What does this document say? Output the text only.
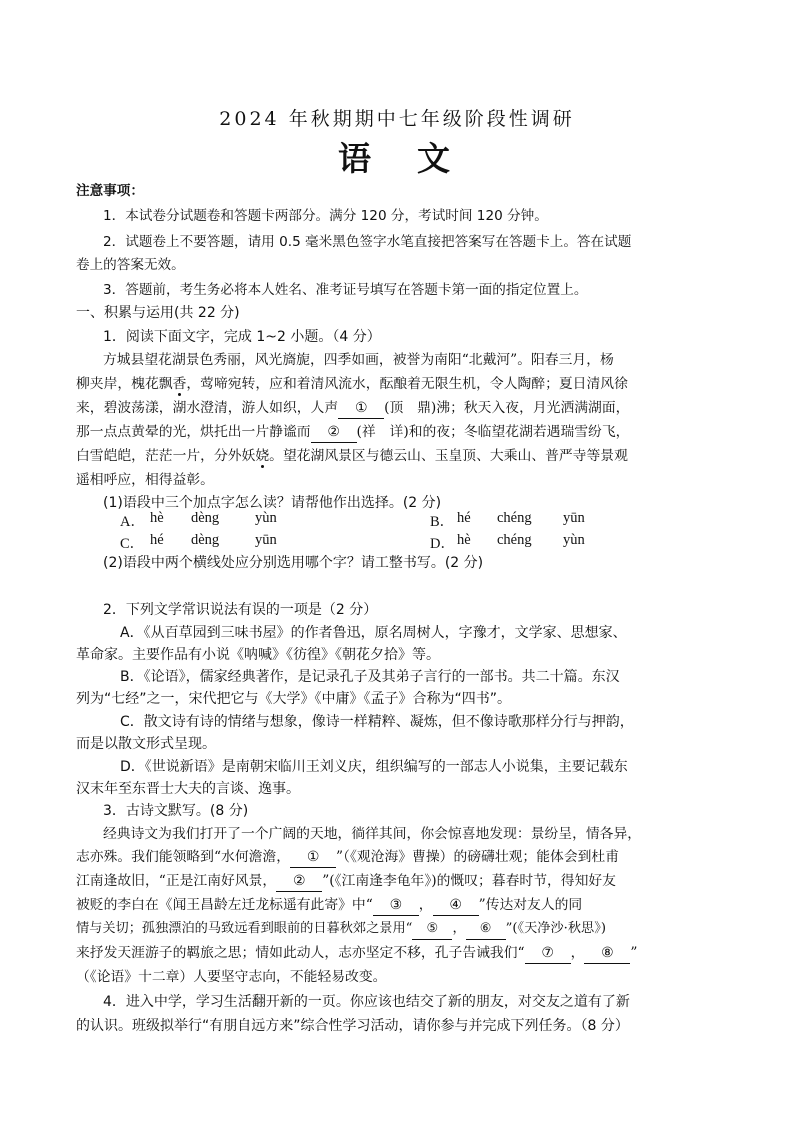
2024 年秋期期中七年级阶段性调研
语文
注意事项：
1．本试卷分试题卷和答题卡两部分。满分 120 分，考试时间 120 分钟。
2．试题卷上不要答题，请用 0.5 毫米黑色签字水笔直接把答案写在答题卡上。答在试题
卷上的答案无效。
3．答题前，考生务必将本人姓名、准考证号填写在答题卡第一面的指定位置上。
一、积累与运用(共 22 分)
1．阅读下面文字，完成 1~2 小题。（4 分）
方城县望花湖景色秀丽，风光旖旎，四季如画，被誉为南阳“北戴河”。阳春三月，杨
柳夹岸，槐花飘香，莺啼宛转，应和着清风流水，酝酿着无限生机，令人陶醉；夏日清风徐
来，碧波荡漾，湖水澄清，游人如织，人声 ① (顶　鼎)沸；秋天入夜，月光洒满湖面，
那一点点黄晕的光，烘托出一片静谧而 ② (祥　详)和的夜；冬临望花湖若遇瑞雪纷飞，
白雪皑皑，茫茫一片，分外妖娆。望花湖风景区与德云山、玉皇顶、大乘山、普严寺等景观
遥相呼应，相得益彰。
(1)语段中三个加点字怎么读？请帮他作出选择。(2 分)
A． hè dèng yùn	B． hé chéng yūn
C． hé dèng yūn	D． hè chéng yùn
(2)语段中两个横线处应分别选用哪个字？请工整书写。(2 分)
2．下列文学常识说法有误的一项是（2 分）
A．《从百草园到三味书屋》的作者鲁迅，原名周树人，字豫才，文学家、思想家、
革命家。主要作品有小说《呐喊》《彷徨》《朝花夕拾》等。
B．《论语》，儒家经典著作，是记录孔子及其弟子言行的一部书。共二十篇。东汉
列为“七经”之一，宋代把它与《大学》《中庸》《孟子》合称为“四书”。
C．散文诗有诗的情绪与想象，像诗一样精粹、凝炼，但不像诗歌那样分行与押韵，
而是以散文形式呈现。
D．《世说新语》是南朝宋临川王刘义庆，组织编写的一部志人小说集，主要记载东
汉末年至东晋士大夫的言谈、逸事。
3．古诗文默写。(8 分)
经典诗文为我们打开了一个广阔的天地，徜徉其间，你会惊喜地发现：景纷呈，情各异，
志亦殊。我们能领略到“水何澹澹， ① ”（《观沧海》曹操）的磅礴壮观；能体会到杜甫
江南逢故旧，“正是江南好风景， ② ”(《江南逢李龟年》)的慨叹；暮春时节，得知好友
被贬的李白在《闻王昌龄左迁龙标遥有此寄》中“ ③ ， ④ ”传达对友人的同
情与关切；孤独漂泊的马致远看到眼前的日暮秋郊之景用“ ⑤ ， ⑥ ”(《天净沙·秋思》)
来抒发天涯游子的羁旅之思；情如此动人，志亦坚定不移，孔子告诫我们“ ⑦ ， ⑧ ”
（《论语》十二章）人要坚守志向，不能轻易改变。
4．进入中学，学习生活翻开新的一页。你应该也结交了新的朋友，对交友之道有了新
的认识。班级拟举行“有朋自远方来”综合性学习活动，请你参与并完成下列任务。（8 分）
